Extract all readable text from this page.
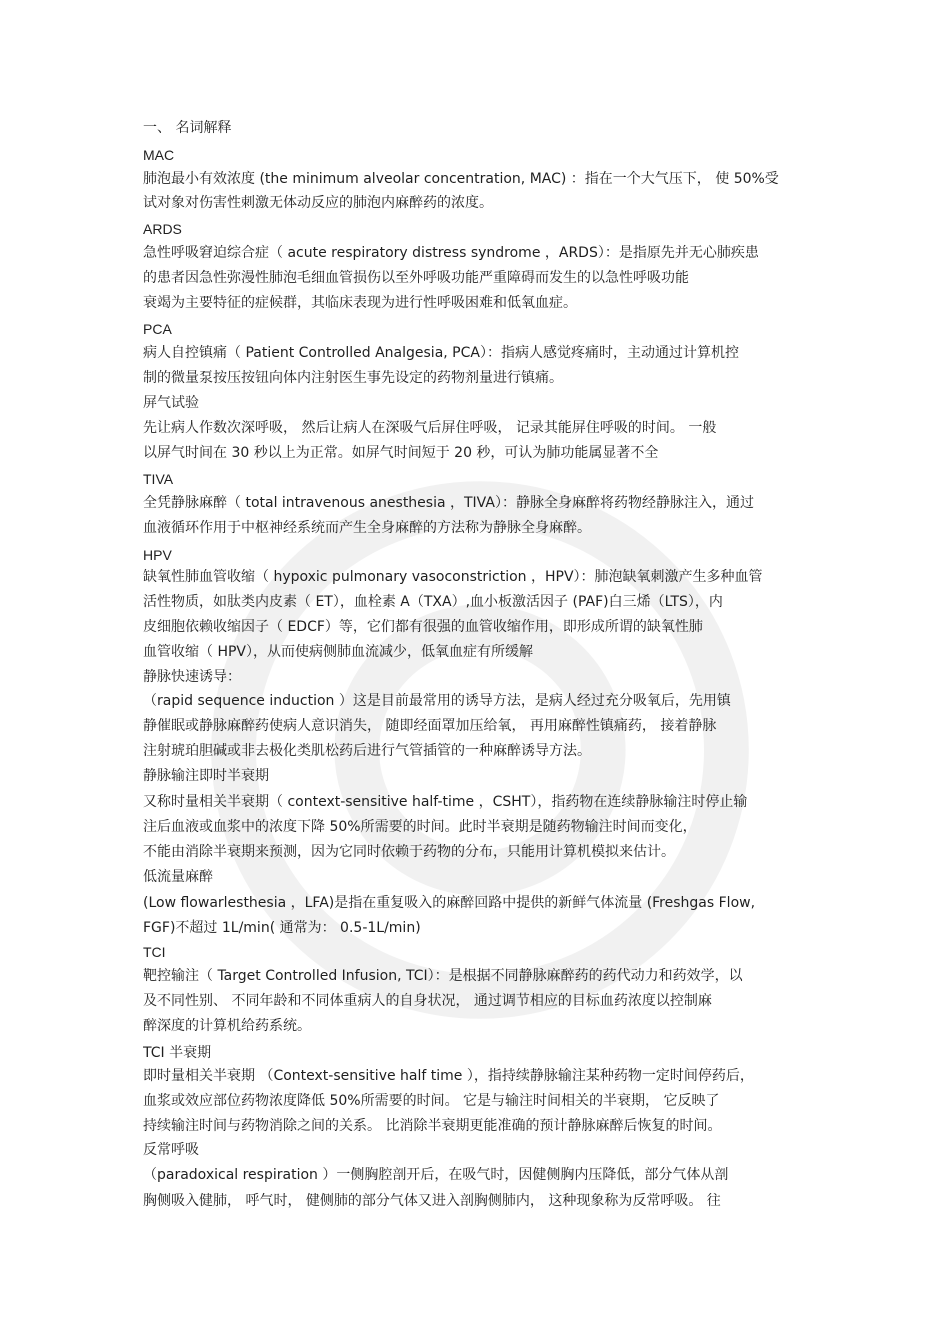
一、 名词解释
MAC
肺泡最小有效浓度 (the minimum alveolar concentration, MAC) ：指在一个大气压下， 使 50%受
试对象对伤害性刺激无体动反应的肺泡内麻醉药的浓度。
ARDS
急性呼吸窘迫综合症（ acute respiratory distress syndrome ，ARDS）：是指原先并无心肺疾患
的患者因急性弥漫性肺泡毛细血管损伤以至外呼吸功能严重障碍而发生的以急性呼吸功能
衰竭为主要特征的症候群，其临床表现为进行性呼吸困难和低氧血症。
PCA
病人自控镇痛（ Patient Controlled Analgesia, PCA）：指病人感觉疼痛时，主动通过计算机控
制的微量泵按压按钮向体内注射医生事先设定的药物剂量进行镇痛。
屏气试验
先让病人作数次深呼吸， 然后让病人在深吸气后屏住呼吸， 记录其能屏住呼吸的时间。 一般
以屏气时间在 30 秒以上为正常。如屏气时间短于 20 秒，可认为肺功能属显著不全
TIVA
全凭静脉麻醉（ total intravenous anesthesia ，TIVA）：静脉全身麻醉将药物经静脉注入，通过
血液循环作用于中枢神经系统而产生全身麻醉的方法称为静脉全身麻醉。
HPV
缺氧性肺血管收缩（ hypoxic pulmonary vasoconstriction ，HPV）：肺泡缺氧刺激产生多种血管
活性物质，如肽类内皮素（ ET），血栓素 A（TXA）,血小板激活因子 (PAF)白三烯（LTS），内
皮细胞依赖收缩因子（ EDCF）等，它们都有很强的血管收缩作用，即形成所谓的缺氧性肺
血管收缩（ HPV），从而使病侧肺血流减少，低氧血症有所缓解
静脉快速诱导：
（rapid sequence induction ）这是目前最常用的诱导方法，是病人经过充分吸氧后，先用镇
静催眠或静脉麻醉药使病人意识消失， 随即经面罩加压给氧， 再用麻醉性镇痛药， 接着静脉
注射琥珀胆碱或非去极化类肌松药后进行气管插管的一种麻醉诱导方法。
静脉输注即时半衰期
又称时量相关半衰期（ context-sensitive half-time ，CSHT），指药物在连续静脉输注时停止输
注后血液或血浆中的浓度下降 50%所需要的时间。此时半衰期是随药物输注时间而变化，
不能由消除半衰期来预测，因为它同时依赖于药物的分布，只能用计算机模拟来估计。
低流量麻醉
(Low flowarlesthesia ，LFA)是指在重复吸入的麻醉回路中提供的新鲜气体流量 (Freshgas Flow,
FGF)不超过 1L/min( 通常为： 0.5-1L/min)
TCI
靶控输注（ Target Controlled Infusion, TCI）：是根据不同静脉麻醉药的药代动力和药效学，以
及不同性别、 不同年龄和不同体重病人的自身状况， 通过调节相应的目标血药浓度以控制麻
醉深度的计算机给药系统。
TCI 半衰期
即时量相关半衰期 （Context-sensitive half time ），指持续静脉输注某种药物一定时间停药后，
血浆或效应部位药物浓度降低 50%所需要的时间。 它是与输注时间相关的半衰期， 它反映了
持续输注时间与药物消除之间的关系。 比消除半衰期更能准确的预计静脉麻醉后恢复的时间。
反常呼吸
（paradoxical respiration ）一侧胸腔剖开后，在吸气时，因健侧胸内压降低，部分气体从剖
胸侧吸入健肺， 呼气时， 健侧肺的部分气体又进入剖胸侧肺内， 这种现象称为反常呼吸。 往
